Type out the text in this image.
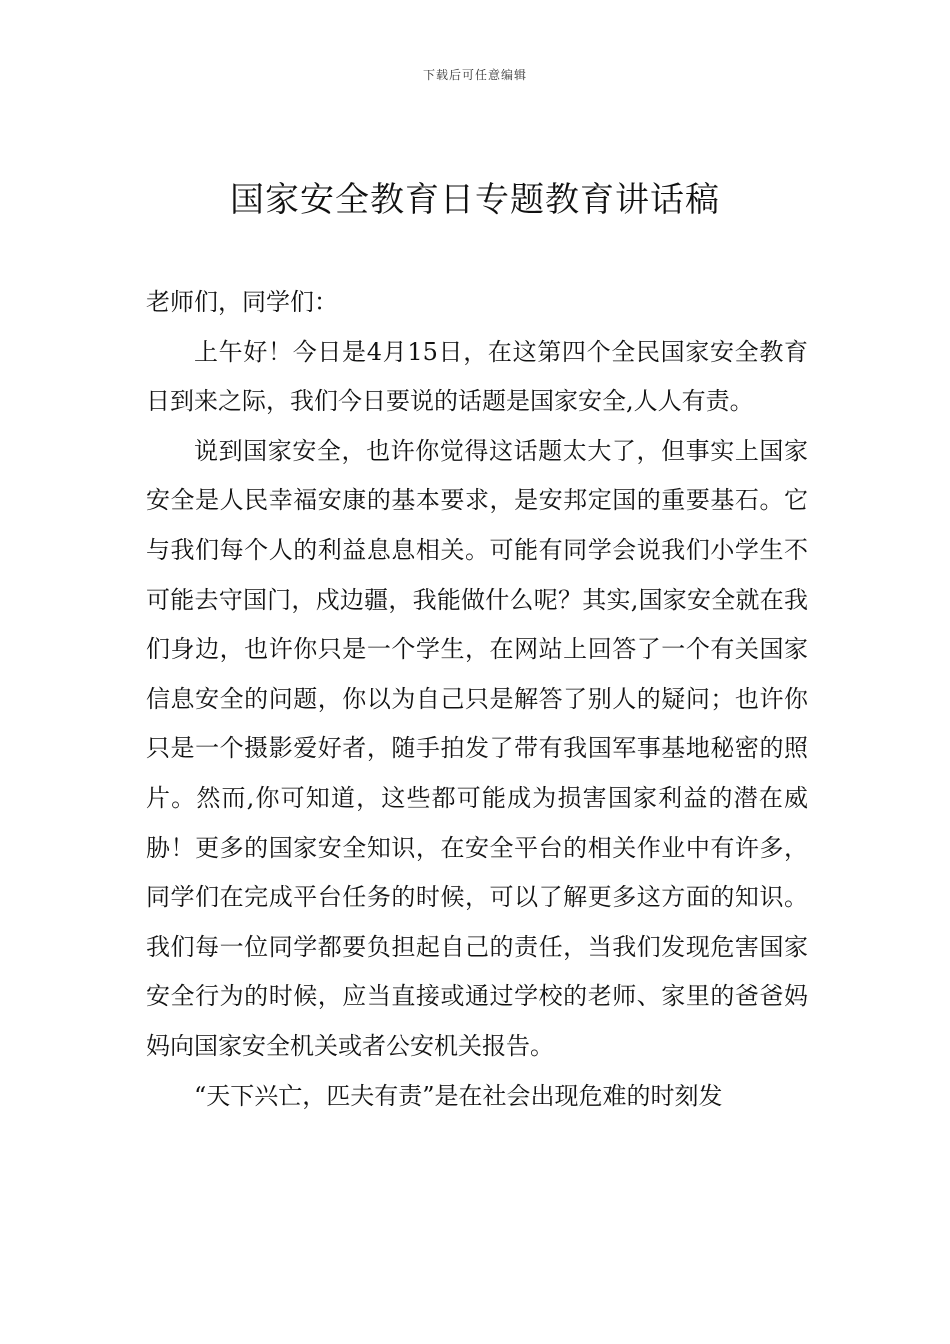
下载后可任意编辑
国家安全教育日专题教育讲话稿

老师们，同学们：

上午好！今日是4月15日，在这第四个全民国家安全教育日到来之际，我们今日要说的话题是国家安全,人人有责。

说到国家安全，也许你觉得这话题太大了，但事实上国家安全是人民幸福安康的基本要求，是安邦定国的重要基石。它与我们每个人的利益息息相关。可能有同学会说我们小学生不可能去守国门，戍边疆，我能做什么呢？其实,国家安全就在我们身边，也许你只是一个学生，在网站上回答了一个有关国家信息安全的问题，你以为自己只是解答了别人的疑问；也许你只是一个摄影爱好者，随手拍发了带有我国军事基地秘密的照片。然而,你可知道，这些都可能成为损害国家利益的潜在威胁！更多的国家安全知识，在安全平台的相关作业中有许多，同学们在完成平台任务的时候，可以了解更多这方面的知识。我们每一位同学都要负担起自己的责任，当我们发现危害国家安全行为的时候，应当直接或通过学校的老师、家里的爸爸妈妈向国家安全机关或者公安机关报告。

“天下兴亡，匹夫有责”是在社会出现危难的时刻发
